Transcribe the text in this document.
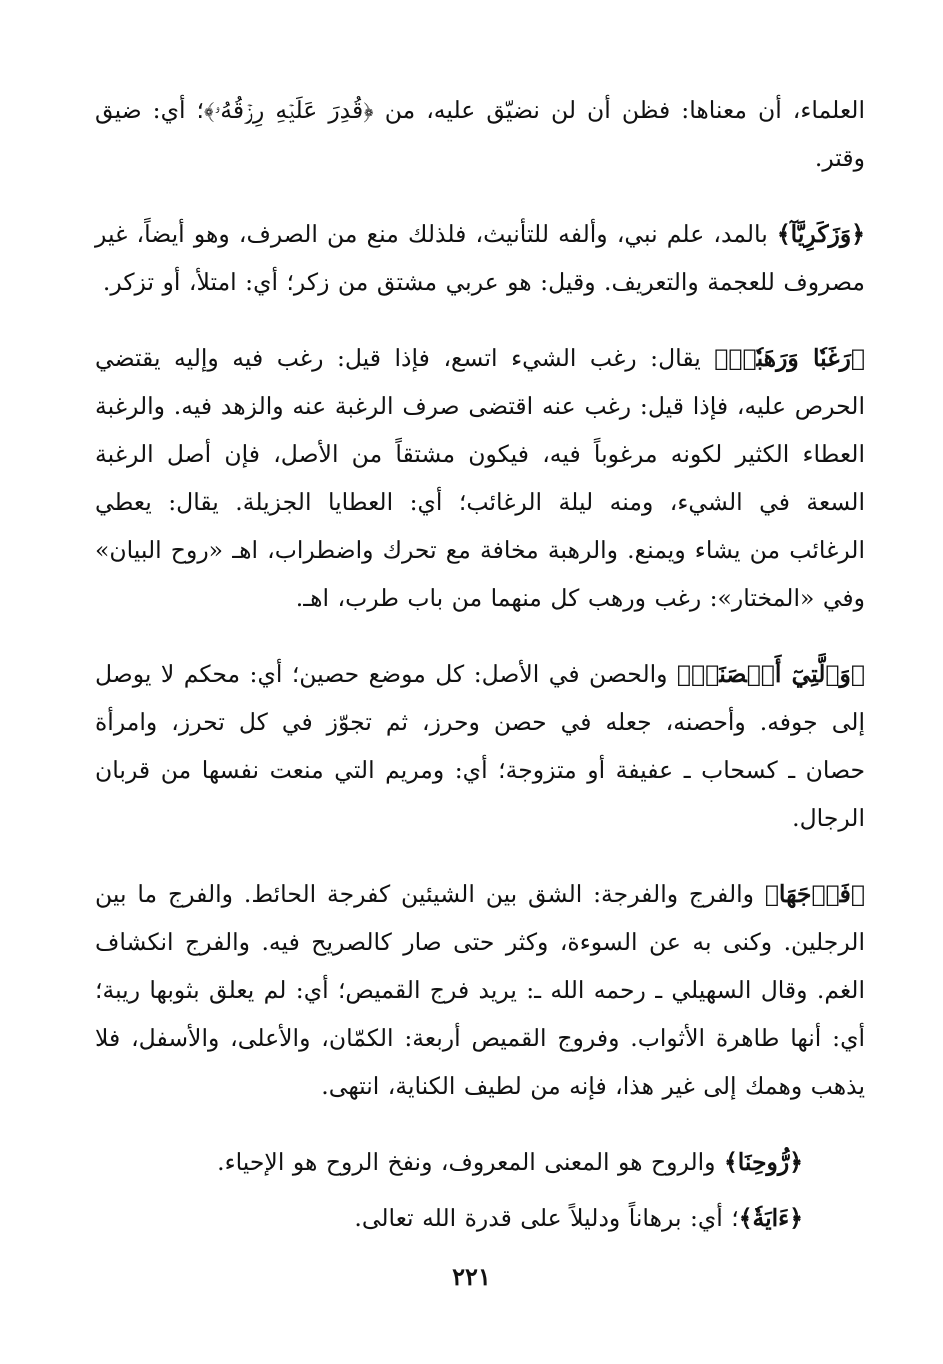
العلماء، أن معناها: فظن أن لن نضيّق عليه، من ﴿قُدِرَ عَلَيۡهِ رِزۡقُهُۥ﴾؛ أي: ضيق وقتر.

﴿وَزَكَرِيَّآ﴾ بالمد، علم نبي، وألفه للتأنيث، فلذلك منع من الصرف، وهو أيضاً، غير مصروف للعجمة والتعريف. وقيل: هو عربي مشتق من زكر؛ أي: امتلأ، أو تزكر.

﴿رَغَبٗا وَرَهَبٗاۖ﴾ يقال: رغب الشيء اتسع، فإذا قيل: رغب فيه وإليه يقتضي الحرص عليه، فإذا قيل: رغب عنه اقتضى صرف الرغبة عنه والزهد فيه. والرغبة العطاء الكثير لكونه مرغوباً فيه، فيكون مشتقاً من الأصل، فإن أصل الرغبة السعة في الشيء، ومنه ليلة الرغائب؛ أي: العطايا الجزيلة. يقال: يعطي الرغائب من يشاء ويمنع. والرهبة مخافة مع تحرك واضطراب، اهـ «روح البيان» وفي «المختار»: رغب ورهب كل منهما من باب طرب، اهـ.

﴿وَٱلَّتِيٓ أَحۡصَنَتۡ﴾ والحصن في الأصل: كل موضع حصين؛ أي: محكم لا يوصل إلى جوفه. وأحصنه، جعله في حصن وحرز، ثم تجوّز في كل تحرز، وامرأة حصان ـ كسحاب ـ عفيفة أو متزوجة؛ أي: ومريم التي منعت نفسها من قربان الرجال.

﴿فَرۡجَهَا﴾ والفرج والفرجة: الشق بين الشيئين كفرجة الحائط. والفرج ما بين الرجلين. وكنى به عن السوءة، وكثر حتى صار كالصريح فيه. والفرج انكشاف الغم. وقال السهيلي ـ رحمه الله ـ: يريد فرج القميص؛ أي: لم يعلق بثوبها ريبة؛ أي: أنها طاهرة الأثواب. وفروج القميص أربعة: الكمّان، والأعلى، والأسفل، فلا يذهب وهمك إلى غير هذا، فإنه من لطيف الكناية، انتهى.

﴿رُّوحِنَا﴾ والروح هو المعنى المعروف، ونفخ الروح هو الإحياء.

﴿ءَايَةٗ﴾؛ أي: برهاناً ودليلاً على قدرة الله تعالى.

٢٢١
